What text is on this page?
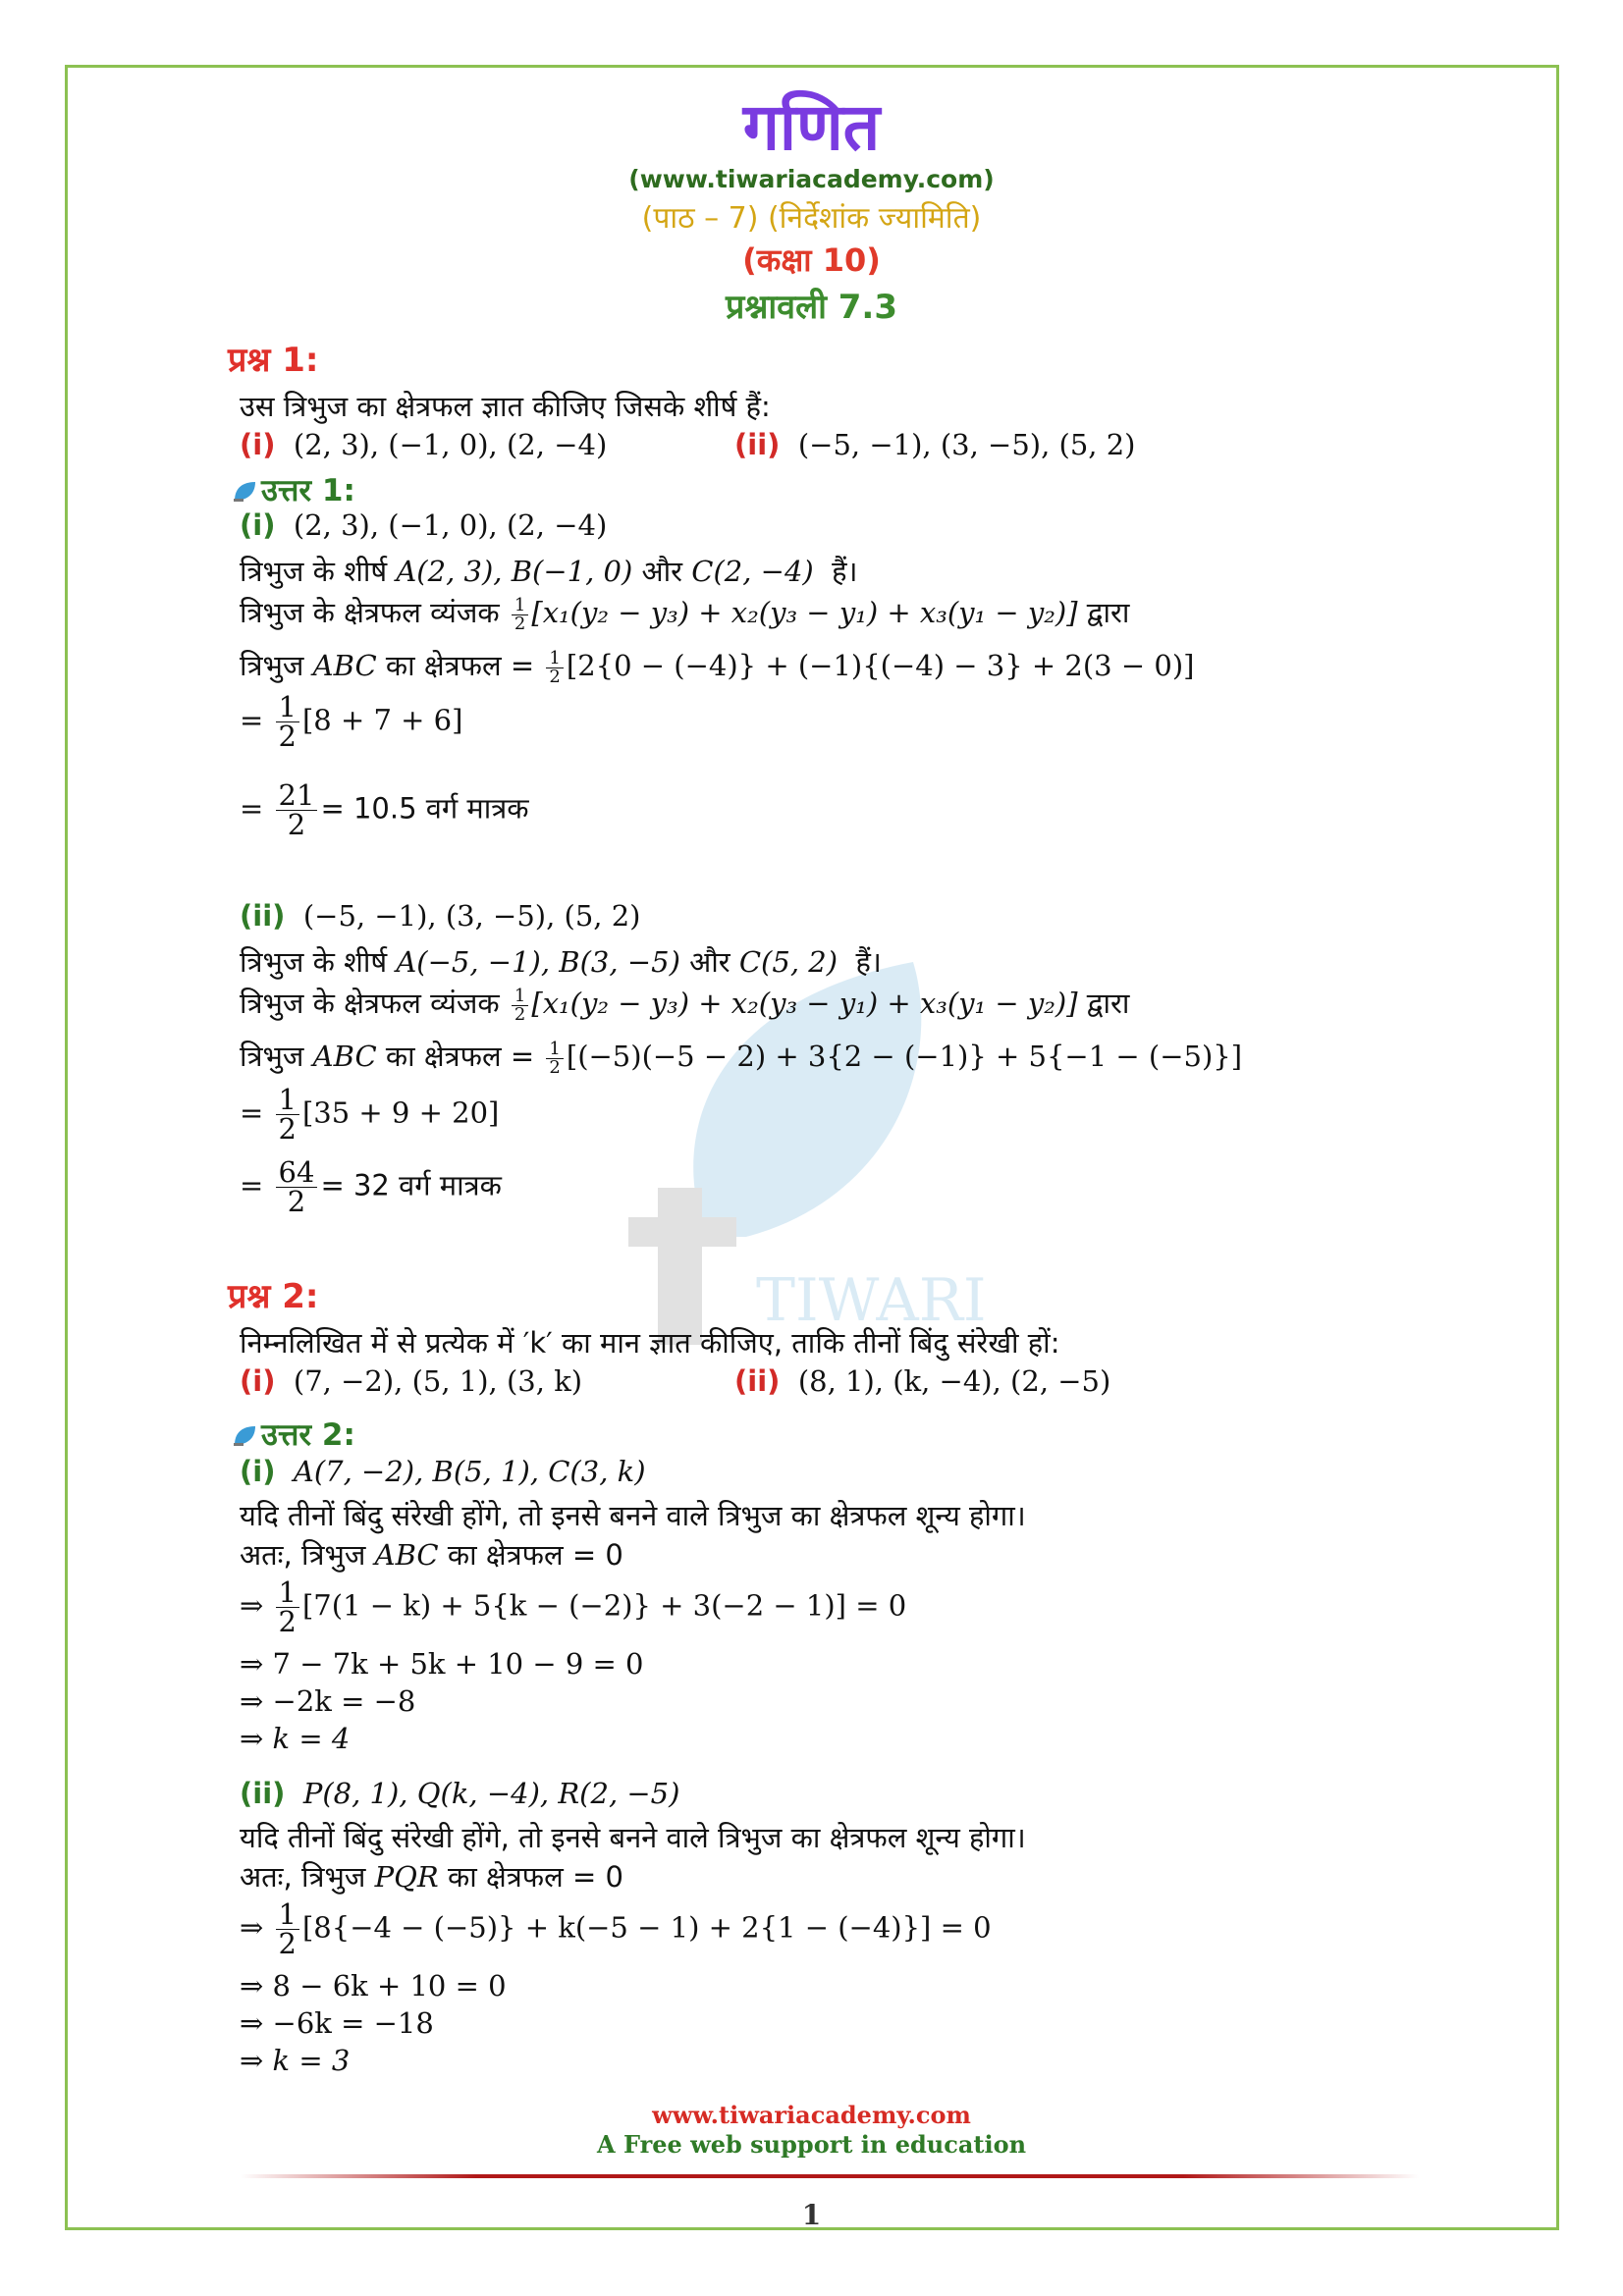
TIWARI
गणित
(www.tiwariacademy.com)
(पाठ – 7) (निर्देशांक ज्यामिति)
(कक्षा 10)
प्रश्नावली 7.3
प्रश्न 1:
उस त्रिभुज का क्षेत्रफल ज्ञात कीजिए जिसके शीर्ष हैं:
(i) (2, 3), (−1, 0), (2, −4)	(ii) (−5, −1), (3, −5), (5, 2)
उत्तर 1:
(i) (2, 3), (−1, 0), (2, −4)
त्रिभुज के शीर्ष A(2, 3), B(−1, 0) और C(2, −4) हैं।
त्रिभुज के क्षेत्रफल व्यंजक $\frac{1}{2} [x_1(y_2 - y_3) + x_2(y_3 - y_1) + x_3(y_1 - y_2)]$ द्वारा
त्रिभुज ABC का क्षेत्रफल = $\frac{1}{2} [2\{0 - (-4)\} + (-1)\{(-4) - 3\} + 2(3 - 0)]$
= $\frac{1}{2} [8 + 7 + 6]$
= $\frac{21}{2} = 10.5$ वर्ग मात्रक
(ii) (−5, −1), (3, −5), (5, 2)
त्रिभुज के शीर्ष A(−5, −1), B(3, −5) और C(5, 2) हैं।
त्रिभुज के क्षेत्रफल व्यंजक $\frac{1}{2} [x_1(y_2 - y_3) + x_2(y_3 - y_1) + x_3(y_1 - y_2)]$ द्वारा
त्रिभुज ABC का क्षेत्रफल = $\frac{1}{2} [(-5)(-5 - 2) + 3\{2 - (-1)\} + 5\{-1 - (-5)\}]$
= $\frac{1}{2} [35 + 9 + 20]$
= $\frac{64}{2} = 32$ वर्ग मात्रक
प्रश्न 2:
निम्नलिखित में से प्रत्येक में ′k′ का मान ज्ञात कीजिए, ताकि तीनों बिंदु संरेखी हों:
(i) (7, −2), (5, 1), (3, k)	(ii) (8, 1), (k, −4), (2, −5)
उत्तर 2:
(i) A(7, −2), B(5, 1), C(3, k)
यदि तीनों बिंदु संरेखी होंगे, तो इनसे बनने वाले त्रिभुज का क्षेत्रफल शून्य होगा।
अतः, त्रिभुज ABC का क्षेत्रफल = 0
⇒ $\frac{1}{2} [7(1 - k) + 5\{k - (-2)\} + 3(-2 - 1)] = 0$
⇒ 7 − 7k + 5k + 10 − 9 = 0
⇒ −2k = −8
⇒ k = 4
(ii) P(8, 1), Q(k, −4), R(2, −5)
यदि तीनों बिंदु संरेखी होंगे, तो इनसे बनने वाले त्रिभुज का क्षेत्रफल शून्य होगा।
अतः, त्रिभुज PQR का क्षेत्रफल = 0
⇒ $\frac{1}{2} [8\{-4 - (-5)\} + k(-5 - 1) + 2\{1 - (-4)\}] = 0$
⇒ 8 − 6k + 10 = 0
⇒ −6k = −18
⇒ k = 3
www.tiwariacademy.com
A Free web support in education
1
